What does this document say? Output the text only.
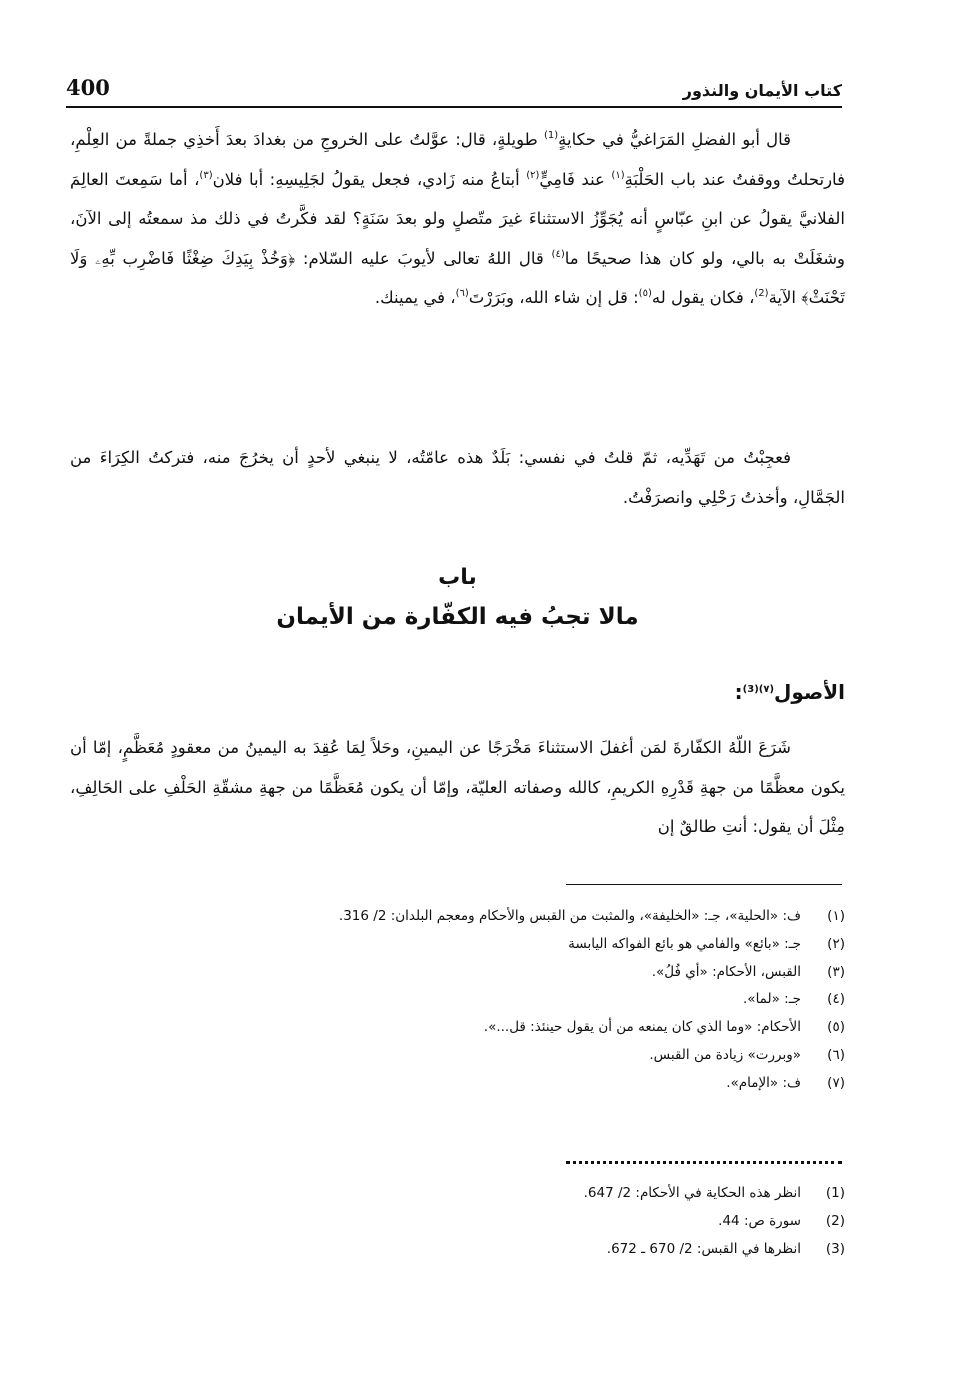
400	كتاب الأيمان والنذور

قال أبو الفضلِ المَرَاغيُّ في حكايةٍ$^{(1)}$ طويلةٍ، قال: عوَّلتُ على الخروجِ من بغدادَ بعدَ أَخذِي جملةً من العِلْمِ، فارتحلتُ ووقفتُ عند باب الحَلْبَةِ$^{(١)}$ عند فَامِيٍّ$^{(٢)}$ أبتاعُ منه زَادي، فجعل يقولُ لجَلِيسِهِ: أبا فلان$^{(٣)}$، أما سَمِعتَ العالِمَ الفلانيَّ يقولُ عن ابنِ عبّاسٍ أنه يُجَوِّزُ الاستثناءَ غيرَ متّصلٍ ولو بعدَ سَنَةٍ؟ لقد فكَّرتُ في ذلك مذ سمعتُه إلى الآنَ، وشغَلَتْ به بالي، ولو كان هذا صحيحًا ما$^{(٤)}$ قال اللهُ تعالى لأيوبَ عليه السّلام: ﴿وَخُذْ بِيَدِكَ ضِغْثًا فَاضْرِب بِّهِۦ وَلَا تَحْنَثْ﴾ الآية$^{(2)}$، فكان يقول له$^{(٥)}$: قل إن شاء الله، وبَرَرْتَ$^{(٦)}$، في يمينك.

فعجِبْتُ من تَهَدِّيه، ثمّ قلتُ في نفسي: بَلَدٌ هذه عامّتُه، لا ينبغي لأحدٍ أن يخرُجَ منه، فتركتُ الكِرَاءَ من الجَمَّالِ، وأخذتُ رَحْلِي وانصرَفْتُ.

باب
مالا تجبُ فيه الكفّارة من الأيمان
الأصول$^{(٧)(3)}$:

شَرَعَ اللّهُ الكفّارةَ لمَن أغفلَ الاستثناءَ مَخْرَجًا عن اليمينِ، وحَلاً لِمَا عُقِدَ به اليمينُ من معقودٍ مُعَظَّمٍ، إمّا أن يكون معظَّمًا من جهةِ قَدْرِهِ الكريمِ، كالله وصفاته العليّة، وإمّا أن يكون مُعَظَّمًا من جهةِ مشقّةِ الحَلْفِ على الحَالِفِ، مِثْلَ أن يقول: أنتِ طالقٌ إن

(١)ف: «الحلية»، جـ: «الخليفة»، والمثبت من القبس والأحكام ومعجم البلدان: 2/ 316.
(٢)جـ: «بائع» والفامي هو بائع الفواكه اليابسة
(٣)القبس، الأحكام: «أي فُلُ».
(٤)جـ: «لما».
(٥)الأحكام: «وما الذي كان يمنعه من أن يقول حينئذ: قل...».
(٦)«وبررت» زيادة من القبس.
(٧)ف: «الإمام».
(1)انظر هذه الحكاية في الأحكام: 2/ 647.
(2)سورة ص: 44.
(3)انظرها في القبس: 2/ 670 ـ 672.
